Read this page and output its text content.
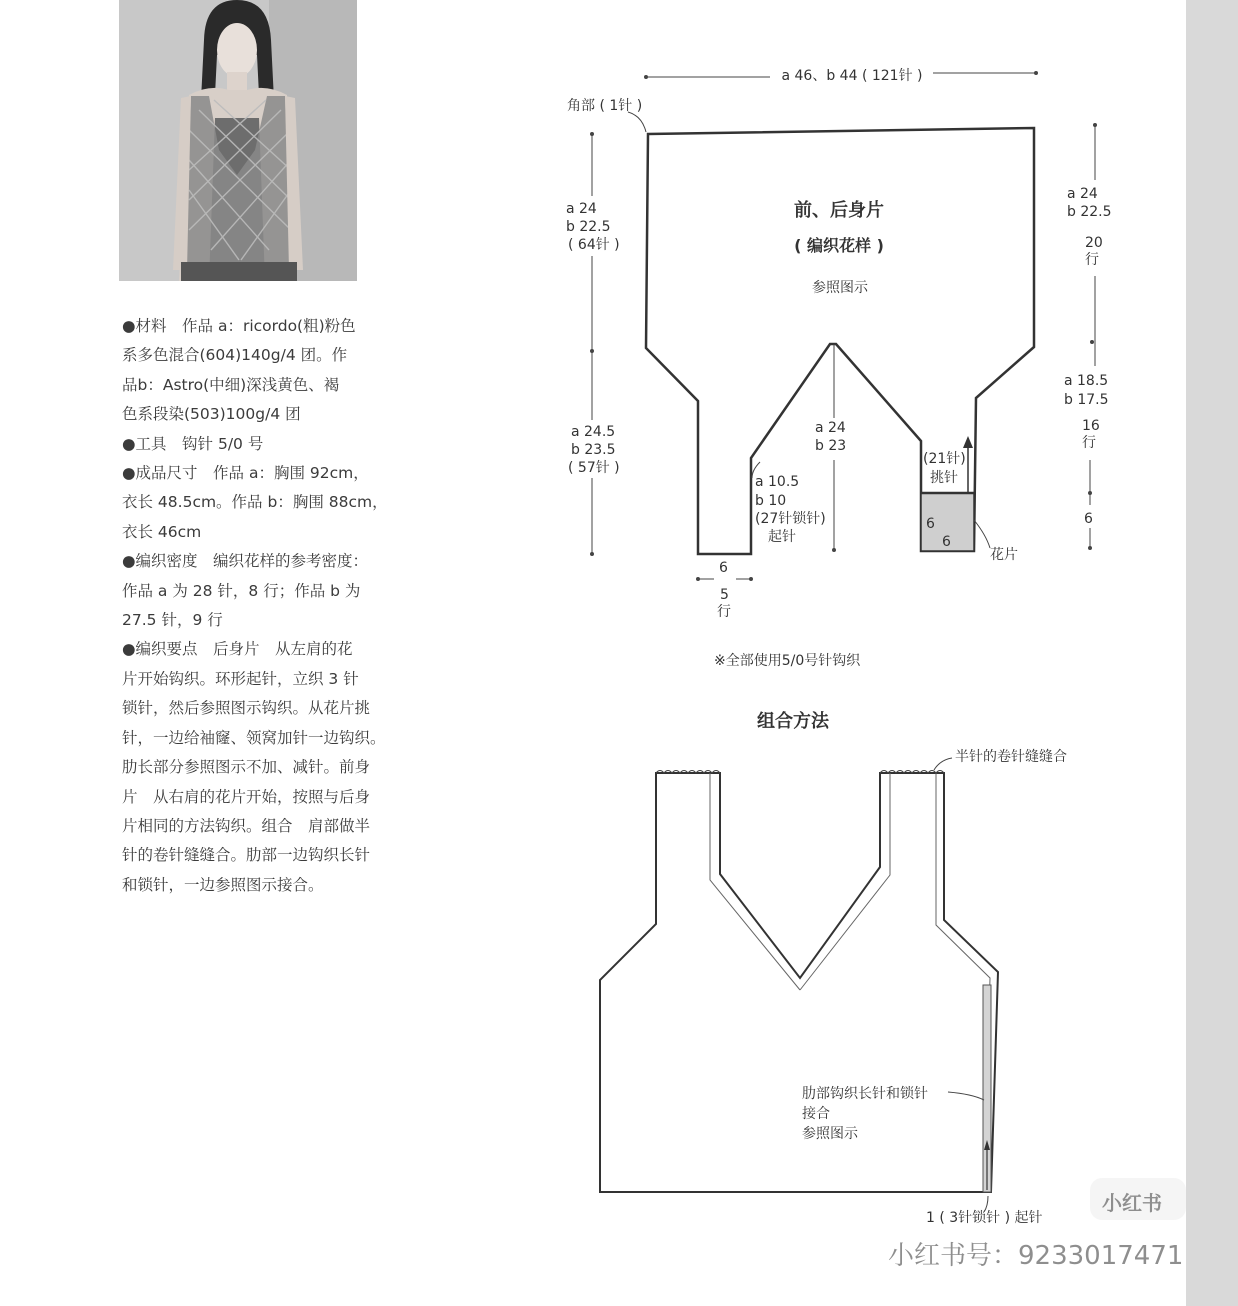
●材料　作品 a：ricordo(粗)粉色

系多色混合(604)140g/4 团。作

品b：Astro(中细)深浅黄色、褐

色系段染(503)100g/4 团

●工具　钩针 5/0 号

●成品尺寸　作品 a：胸围 92cm，

衣长 48.5cm。作品 b：胸围 88cm，

衣长 46cm

●编织密度　编织花样的参考密度：

作品 a 为 28 针，8 行；作品 b 为

27.5 针，9 行

●编织要点　后身片　从左肩的花

片开始钩织。环形起针，立织 3 针

锁针，然后参照图示钩织。从花片挑

针，一边给袖窿、领窝加针一边钩织。

肋长部分参照图示不加、减针。前身

片　从右肩的花片开始，按照与后身

片相同的方法钩织。组合　肩部做半

针的卷针缝缝合。肋部一边钩织长针

和锁针，一边参照图示接合。

a 46、b 44 ( 121针 )
角部 ( 1针 )
6
6
花片
(21针)
挑针
前、后身片
( 编织花样 )
参照图示
a 24
b 22.5
( 64针 )
a 24.5
b 23.5
( 57针 )
a 24
b 22.5
20
行
a 18.5
b 17.5
16
行
6
a 24
b 23
a 10.5
b 10
(27针锁针)
起针
6
5
行
※全部使用5/0号针钩织
组合方法
半针的卷针缝缝合
肋部钩织长针和锁针
接合
参照图示
1 ( 3针锁针 ) 起针
小红书
小红书号：9233017471
